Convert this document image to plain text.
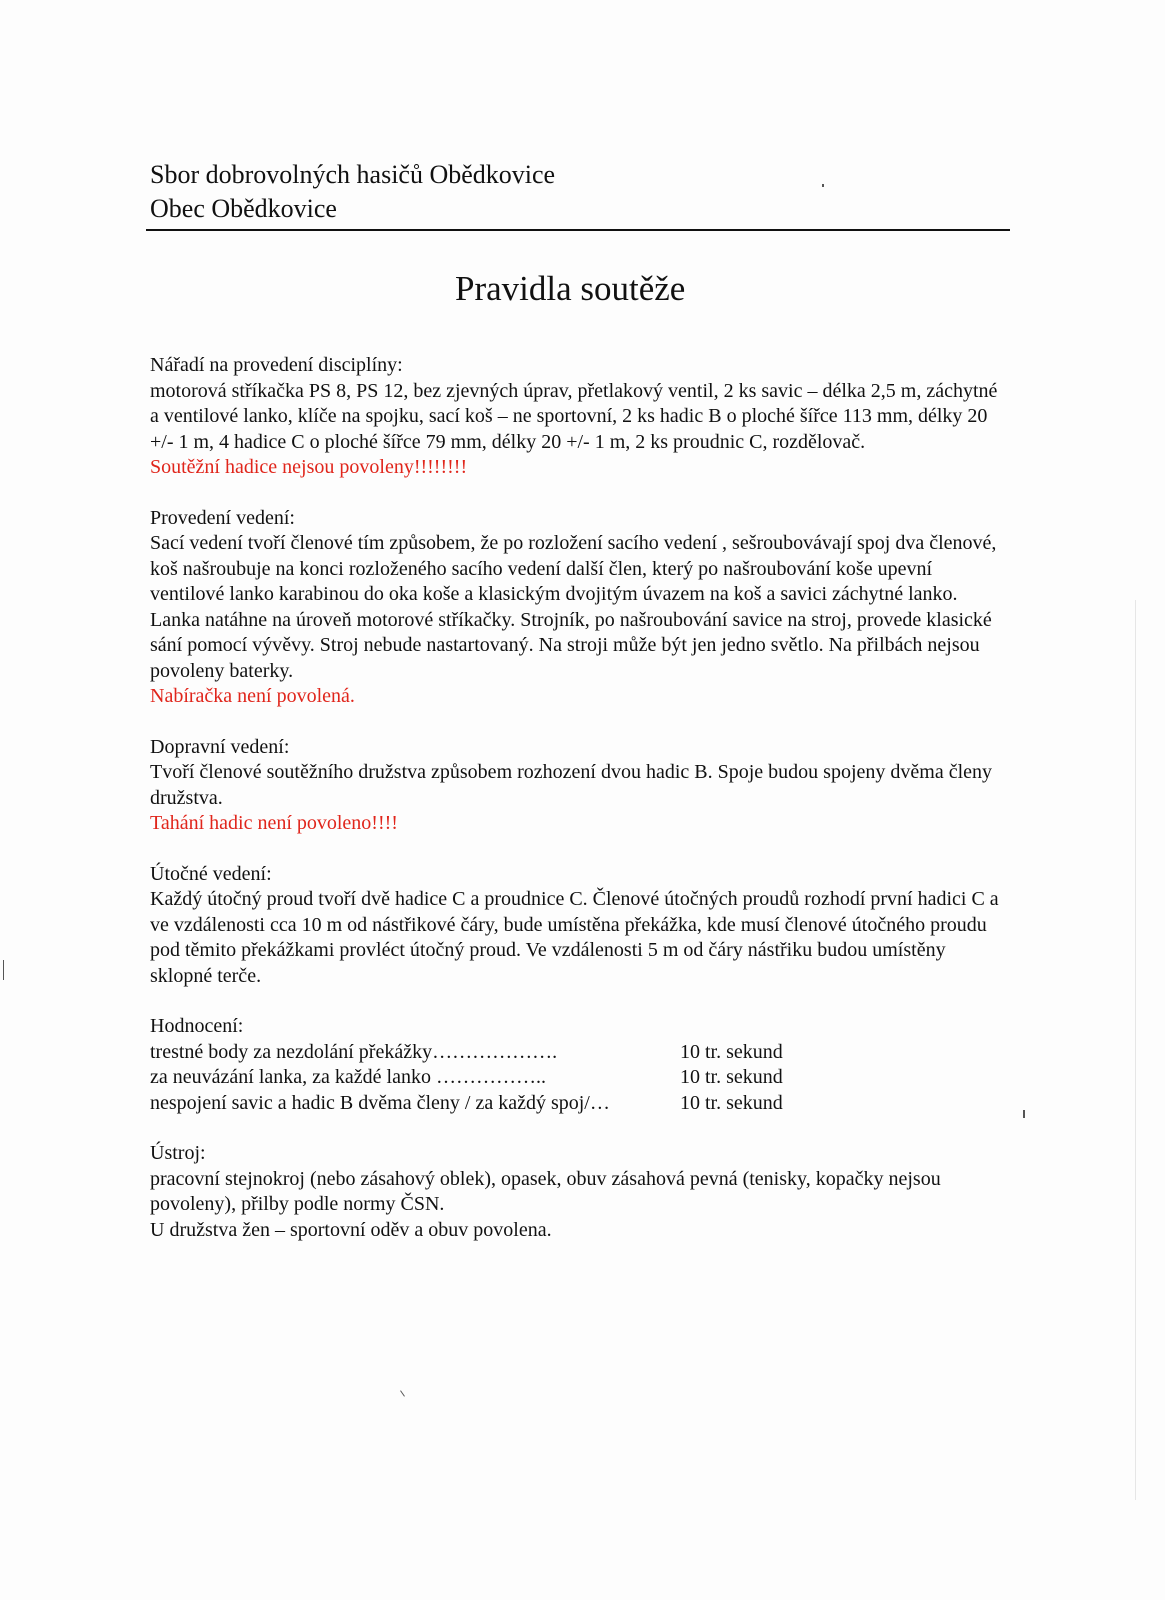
Sbor dobrovolných hasičů Obědkovice

Obec Obědkovice

Pravidla soutěže

Nářadí na provedení disciplíny:

motorová stříkačka PS 8, PS 12, bez zjevných úprav, přetlakový ventil, 2 ks savic – délka 2,5 m, záchytné a ventilové lanko, klíče na spojku, sací koš – ne sportovní, 2 ks hadic B o ploché šířce 113 mm, délky 20 +/- 1 m, 4 hadice C o ploché šířce 79 mm, délky 20 +/- 1 m, 2 ks proudnic C, rozdělovač.

Soutěžní hadice nejsou povoleny!!!!!!!!

Provedení vedení:

Sací vedení tvoří členové tím způsobem, že po rozložení sacího vedení , sešroubovávají spoj dva členové, koš našroubuje na konci rozloženého sacího vedení další člen, který po našroubování koše upevní ventilové lanko karabinou do oka koše a klasickým dvojitým úvazem na koš a savici záchytné lanko. Lanka natáhne na úroveň motorové stříkačky. Strojník, po našroubování savice na stroj, provede klasické sání pomocí vývěvy. Stroj nebude nastartovaný. Na stroji může být jen jedno světlo. Na přilbách nejsou povoleny baterky.

Nabíračka není povolená.

Dopravní vedení:

Tvoří členové soutěžního družstva způsobem rozhození dvou hadic B. Spoje budou spojeny dvěma členy družstva.

Tahání hadic není povoleno!!!!

Útočné vedení:

Každý útočný proud tvoří dvě hadice C a proudnice C. Členové útočných proudů rozhodí první hadici C a ve vzdálenosti cca 10 m od nástřikové čáry, bude umístěna překážka, kde musí členové útočného proudu pod těmito překážkami provléct útočný proud. Ve vzdálenosti 5 m od čáry nástřiku budou umístěny sklopné terče.

Hodnocení:

trestné body za nezdolání překážky……………….	10 tr. sekund
za neuvázání lanka, za každé lanko ……………..	10 tr. sekund
nespojení savic a hadic B dvěma členy / za každý spoj/…	10 tr. sekund

Ústroj:

pracovní stejnokroj (nebo zásahový oblek), opasek, obuv zásahová pevná (tenisky, kopačky nejsou povoleny), přilby podle normy ČSN.

U družstva žen – sportovní oděv a obuv povolena.
